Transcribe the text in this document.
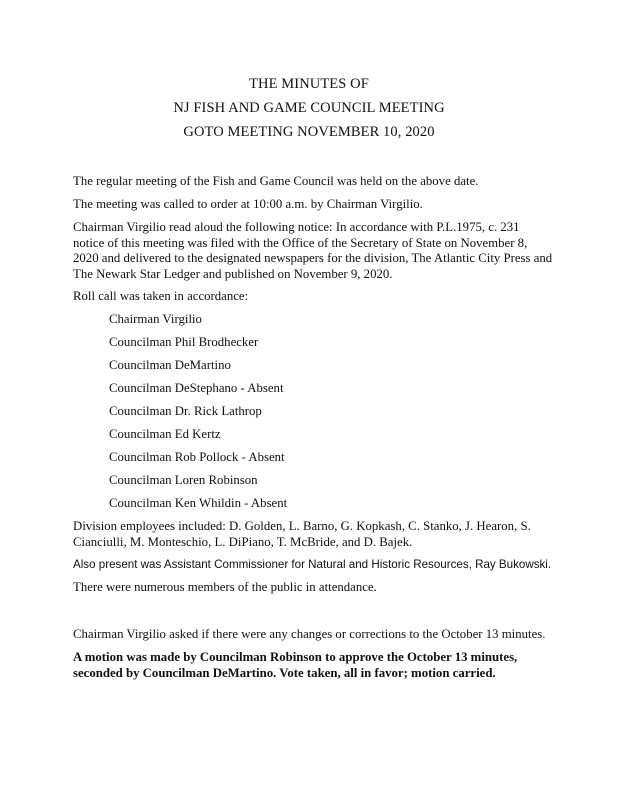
THE MINUTES OF
NJ FISH AND GAME COUNCIL MEETING
GOTO MEETING NOVEMBER 10, 2020
The regular meeting of the Fish and Game Council was held on the above date.
The meeting was called to order at 10:00 a.m. by Chairman Virgilio.
Chairman Virgilio read aloud the following notice: In accordance with P.L.1975, c. 231 notice of this meeting was filed with the Office of the Secretary of State on November 8, 2020 and delivered to the designated newspapers for the division, The Atlantic City Press and The Newark Star Ledger and published on November 9, 2020.
Roll call was taken in accordance:
Chairman Virgilio
Councilman Phil Brodhecker
Councilman DeMartino
Councilman DeStephano - Absent
Councilman Dr. Rick Lathrop
Councilman Ed Kertz
Councilman Rob Pollock - Absent
Councilman Loren Robinson
Councilman Ken Whildin - Absent
Division employees included: D. Golden, L. Barno, G. Kopkash, C. Stanko, J. Hearon, S. Cianciulli, M. Monteschio, L. DiPiano, T. McBride, and D. Bajek.
Also present was Assistant Commissioner for Natural and Historic Resources, Ray Bukowski.
There were numerous members of the public in attendance.
Chairman Virgilio asked if there were any changes or corrections to the October 13 minutes.
A motion was made by Councilman Robinson to approve the October 13 minutes, seconded by Councilman DeMartino. Vote taken, all in favor; motion carried.
